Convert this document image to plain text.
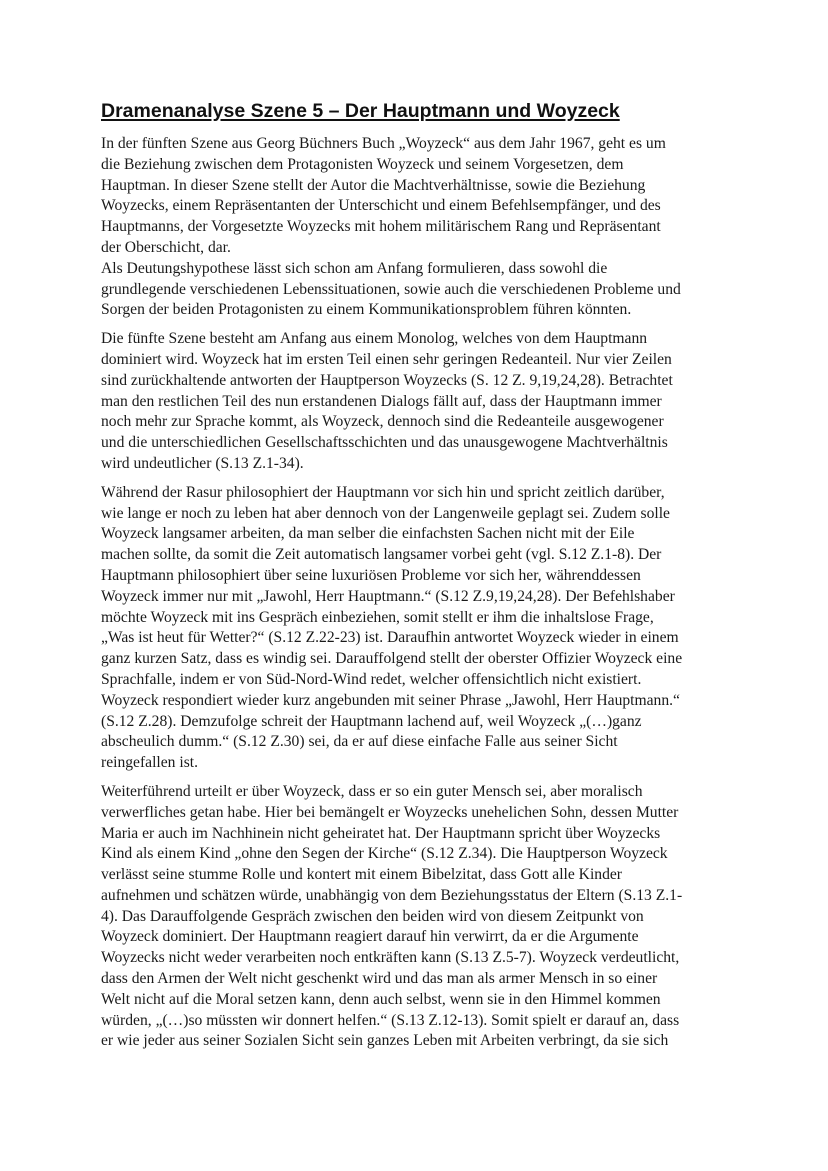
Dramenanalyse Szene 5 – Der Hauptmann und Woyzeck

In der fünften Szene aus Georg Büchners Buch „Woyzeck“ aus dem Jahr 1967, geht es um
die Beziehung zwischen dem Protagonisten Woyzeck und seinem Vorgesetzen, dem
Hauptman. In dieser Szene stellt der Autor die Machtverhältnisse, sowie die Beziehung
Woyzecks, einem Repräsentanten der Unterschicht und einem Befehlsempfänger, und des
Hauptmanns, der Vorgesetzte Woyzecks mit hohem militärischem Rang und Repräsentant
der Oberschicht, dar.
Als Deutungshypothese lässt sich schon am Anfang formulieren, dass sowohl die
grundlegende verschiedenen Lebenssituationen, sowie auch die verschiedenen Probleme und
Sorgen der beiden Protagonisten zu einem Kommunikationsproblem führen könnten.

Die fünfte Szene besteht am Anfang aus einem Monolog, welches von dem Hauptmann
dominiert wird. Woyzeck hat im ersten Teil einen sehr geringen Redeanteil. Nur vier Zeilen
sind zurückhaltende antworten der Hauptperson Woyzecks (S. 12 Z. 9,19,24,28). Betrachtet
man den restlichen Teil des nun erstandenen Dialogs fällt auf, dass der Hauptmann immer
noch mehr zur Sprache kommt, als Woyzeck, dennoch sind die Redeanteile ausgewogener
und die unterschiedlichen Gesellschaftsschichten und das unausgewogene Machtverhältnis
wird undeutlicher (S.13 Z.1-34).

Während der Rasur philosophiert der Hauptmann vor sich hin und spricht zeitlich darüber,
wie lange er noch zu leben hat aber dennoch von der Langenweile geplagt sei. Zudem solle
Woyzeck langsamer arbeiten, da man selber die einfachsten Sachen nicht mit der Eile
machen sollte, da somit die Zeit automatisch langsamer vorbei geht (vgl. S.12 Z.1-8). Der
Hauptmann philosophiert über seine luxuriösen Probleme vor sich her, währenddessen
Woyzeck immer nur mit „Jawohl, Herr Hauptmann.“ (S.12 Z.9,19,24,28). Der Befehlshaber
möchte Woyzeck mit ins Gespräch einbeziehen, somit stellt er ihm die inhaltslose Frage,
„Was ist heut für Wetter?“ (S.12 Z.22-23) ist. Daraufhin antwortet Woyzeck wieder in einem
ganz kurzen Satz, dass es windig sei. Darauffolgend stellt der oberster Offizier Woyzeck eine
Sprachfalle, indem er von Süd-Nord-Wind redet, welcher offensichtlich nicht existiert.
Woyzeck respondiert wieder kurz angebunden mit seiner Phrase „Jawohl, Herr Hauptmann.“
(S.12 Z.28). Demzufolge schreit der Hauptmann lachend auf, weil Woyzeck „(…)ganz
abscheulich dumm.“ (S.12 Z.30) sei, da er auf diese einfache Falle aus seiner Sicht
reingefallen ist.

Weiterführend urteilt er über Woyzeck, dass er so ein guter Mensch sei, aber moralisch
verwerfliches getan habe. Hier bei bemängelt er Woyzecks unehelichen Sohn, dessen Mutter
Maria er auch im Nachhinein nicht geheiratet hat. Der Hauptmann spricht über Woyzecks
Kind als einem Kind „ohne den Segen der Kirche“ (S.12 Z.34). Die Hauptperson Woyzeck
verlässt seine stumme Rolle und kontert mit einem Bibelzitat, dass Gott alle Kinder
aufnehmen und schätzen würde, unabhängig von dem Beziehungsstatus der Eltern (S.13 Z.1-
4). Das Darauffolgende Gespräch zwischen den beiden wird von diesem Zeitpunkt von
Woyzeck dominiert. Der Hauptmann reagiert darauf hin verwirrt, da er die Argumente
Woyzecks nicht weder verarbeiten noch entkräften kann (S.13 Z.5-7). Woyzeck verdeutlicht,
dass den Armen der Welt nicht geschenkt wird und das man als armer Mensch in so einer
Welt nicht auf die Moral setzen kann, denn auch selbst, wenn sie in den Himmel kommen
würden, „(…)so müssten wir donnert helfen.“ (S.13 Z.12-13). Somit spielt er darauf an, dass
er wie jeder aus seiner Sozialen Sicht sein ganzes Leben mit Arbeiten verbringt, da sie sich
